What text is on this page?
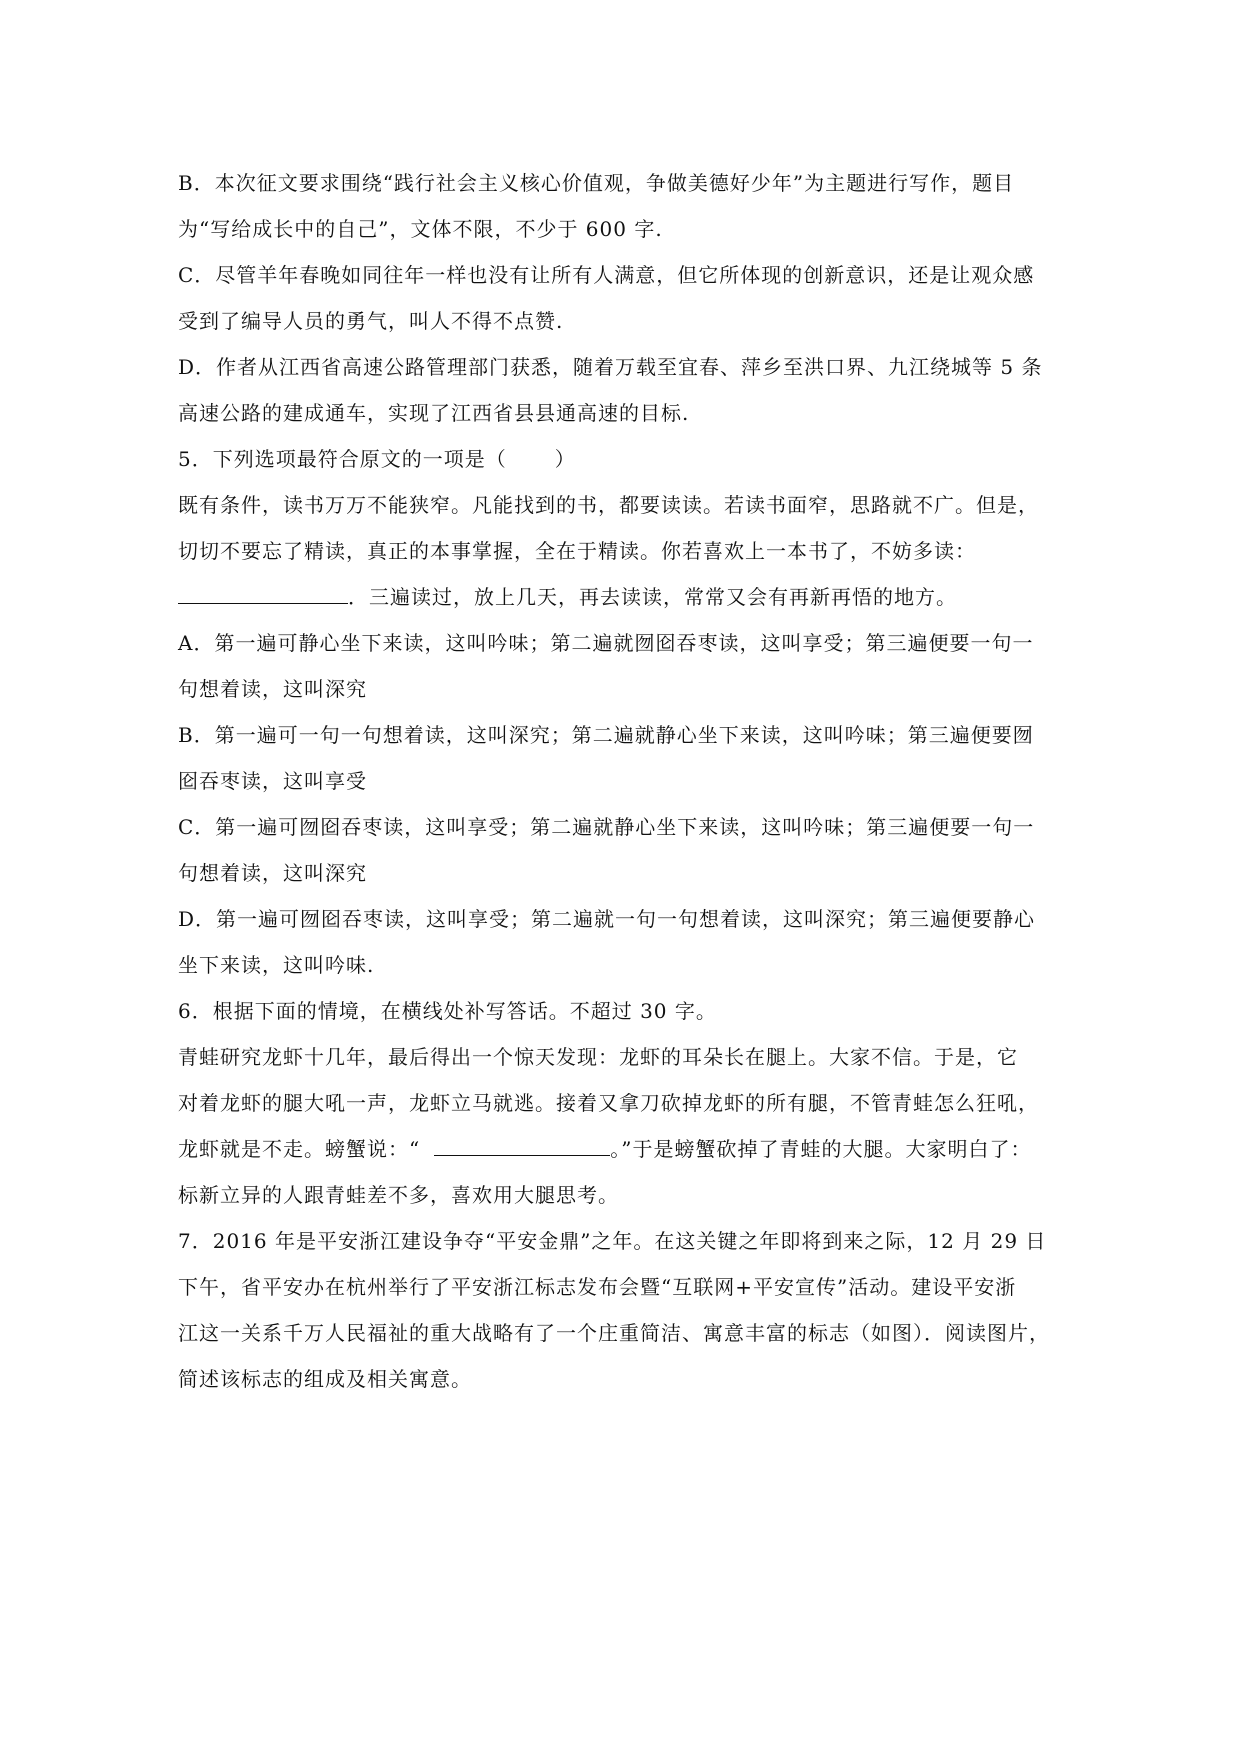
B．本次征文要求围绕“践行社会主义核心价值观，争做美德好少年”为主题进行写作，题目
为“写给成长中的自己”，文体不限，不少于 600 字.
C．尽管羊年春晚如同往年一样也没有让所有人满意，但它所体现的创新意识，还是让观众感
受到了编导人员的勇气，叫人不得不点赞.
D．作者从江西省高速公路管理部门获悉，随着万载至宜春、萍乡至洪口界、九江绕城等 5 条
高速公路的建成通车，实现了江西省县县通高速的目标.
5．下列选项最符合原文的一项是（ ）
既有条件，读书万万不能狭窄。凡能找到的书，都要读读。若读书面窄，思路就不广。但是，
切切不要忘了精读，真正的本事掌握，全在于精读。你若喜欢上一本书了，不妨多读：
．三遍读过，放上几天，再去读读，常常又会有再新再悟的地方。
A．第一遍可静心坐下来读，这叫吟味；第二遍就囫囵吞枣读，这叫享受；第三遍便要一句一
句想着读，这叫深究
B．第一遍可一句一句想着读，这叫深究；第二遍就静心坐下来读，这叫吟味；第三遍便要囫
囵吞枣读，这叫享受
C．第一遍可囫囵吞枣读，这叫享受；第二遍就静心坐下来读，这叫吟味；第三遍便要一句一
句想着读，这叫深究
D．第一遍可囫囵吞枣读，这叫享受；第二遍就一句一句想着读，这叫深究；第三遍便要静心
坐下来读，这叫吟味.
6．根据下面的情境，在横线处补写答话。不超过 30 字。
青蛙研究龙虾十几年，最后得出一个惊天发现：龙虾的耳朵长在腿上。大家不信。于是，它
对着龙虾的腿大吼一声，龙虾立马就逃。接着又拿刀砍掉龙虾的所有腿，不管青蛙怎么狂吼，
龙虾就是不走。螃蟹说：“	。”于是螃蟹砍掉了青蛙的大腿。大家明白了：
标新立异的人跟青蛙差不多，喜欢用大腿思考。
7．2016 年是平安浙江建设争夺“平安金鼎”之年。在这关键之年即将到来之际，12 月 29 日
下午，省平安办在杭州举行了平安浙江标志发布会暨“互联网+平安宣传”活动。建设平安浙
江这一关系千万人民福祉的重大战略有了一个庄重简洁、寓意丰富的标志（如图）．阅读图片，
简述该标志的组成及相关寓意。
